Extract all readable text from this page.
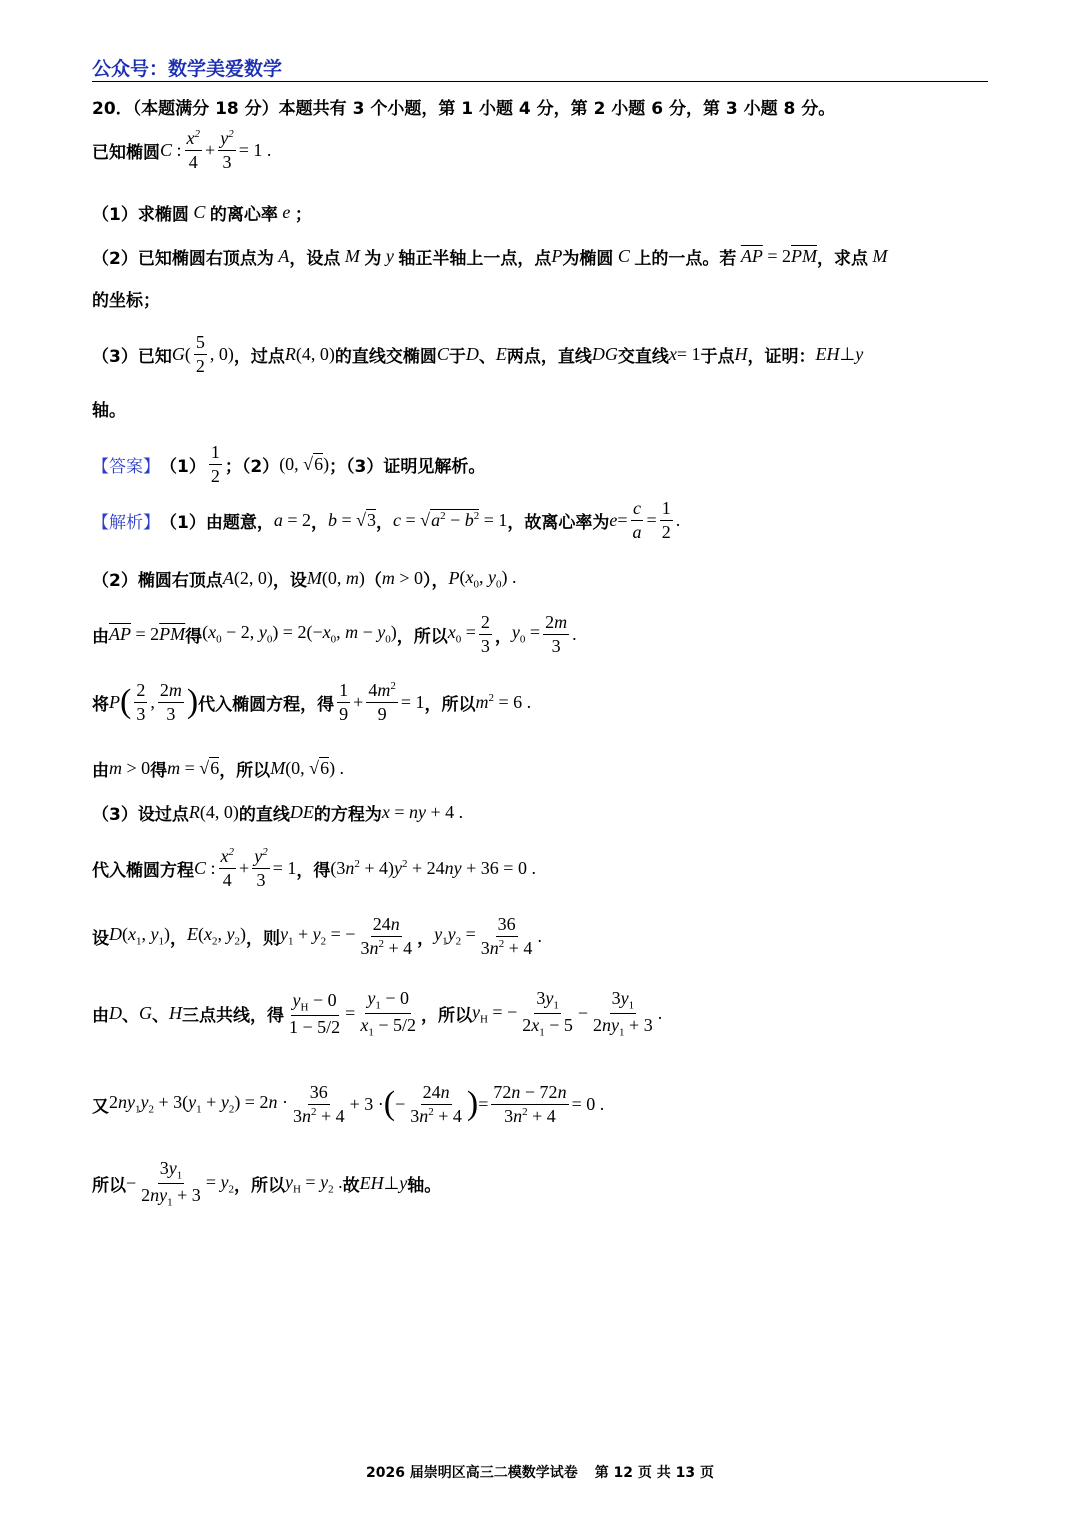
公众号：数学美爱数学
20．（本题满分 18 分）本题共有 3 个小题，第 1 小题 4 分，第 2 小题 6 分，第 3 小题 8 分。
已知椭圆 C :
$x^2$
4
+ $\frac{y^2}{3} = 1$ .
（1）求椭圆 C 的离心率 e ；
（2）已知椭圆右顶点为 A ，设点 M 为 y 轴正半轴上一点，点 P 为椭圆 C 上的一点。若 $\overline{AP} = 2$ $\overline{PM}$ ，求点 M
的坐标；
（3）已知 G (
5
2
, 0) ，过点 R (4, 0) 的直线交椭圆 C 于 D 、 E 两点，直线 DG 交直线 x = 1 于点 H ，证明： EH ⊥ y
轴。
【答案】 （1）
1
2 ；（2） (0, √6) ；（3）证明见解析。
【解析】 （1）由题意， a = 2 ， b = √3 ， $c = √a^2 - b^2 = 1$ ，故离心率为 $e = \frac{c}{a} = \frac{1}{2}$ .
（2）椭圆右顶点 A (2, 0) ，设 M (0, m) （ m > 0 ）， P ($x_0$, $y_0$) .
由 $\overline{AP} = 2$ $\overline{PM}$ 得 ($x_0 - 2$, $y_0) = 2(-x_0$, $m - y_0$) ，所以 $x_0 = \frac{2}{3}$ ， $y_0 = \frac{2m}{3}$ .
将 P ( 2
3
,
2m
3 ) 代入椭圆方程，得
1
9
+ $\frac{4m^2}{9} = 1$ ，所以 $m^2 = 6$ .
由 m > 0 得 m = √6 ，所以 M(0, √6) .
（3）设过点 R(4, 0) 的直线 DE 的方程为 x = ny + 4 .
代入椭圆方程 C :
$x^2$
4
+ $\frac{y^2}{3} = 1$ ，得 $(3n^2 + 4)y^2 + 24ny + 36 = 0$ .
设 $D(x_1$, $y_1$) ， $E(x_2$, $y_2$) ，则 $y_1 + y_2$ = − $\frac{24n}{3n^2 + 4}$ ， $y_1y_2 = \frac{36}{3n^2 + 4}$ .
由 D 、 G 、 H 三点共线，得 $\frac{y_H - 0}{1 - 5/2} = \frac{y_1 - 0}{x_1 - 5/2}$ ，所以 $y_H$ = − $\frac{3y_1}{2x_1 - 5} - \frac{3y_1}{2ny_1 + 3}$ .
又 $2ny_1y_2 + 3(y_1 + y_2) = 2n$ ·
36
$3n^2 + 4$
+ 3 · ( − $\frac{24n}{3n^2 + 4}$ ) = $\frac{72n - 72n}{3n^2 + 4} = 0$ .
所以 − $\frac{3y_1}{2ny_1 + 3} = y_2$ ，所以 $y_H = y_2$ . 故 EH ⊥ y 轴。
2026 届崇明区高三二模数学试卷 第 12 页 共 13 页
